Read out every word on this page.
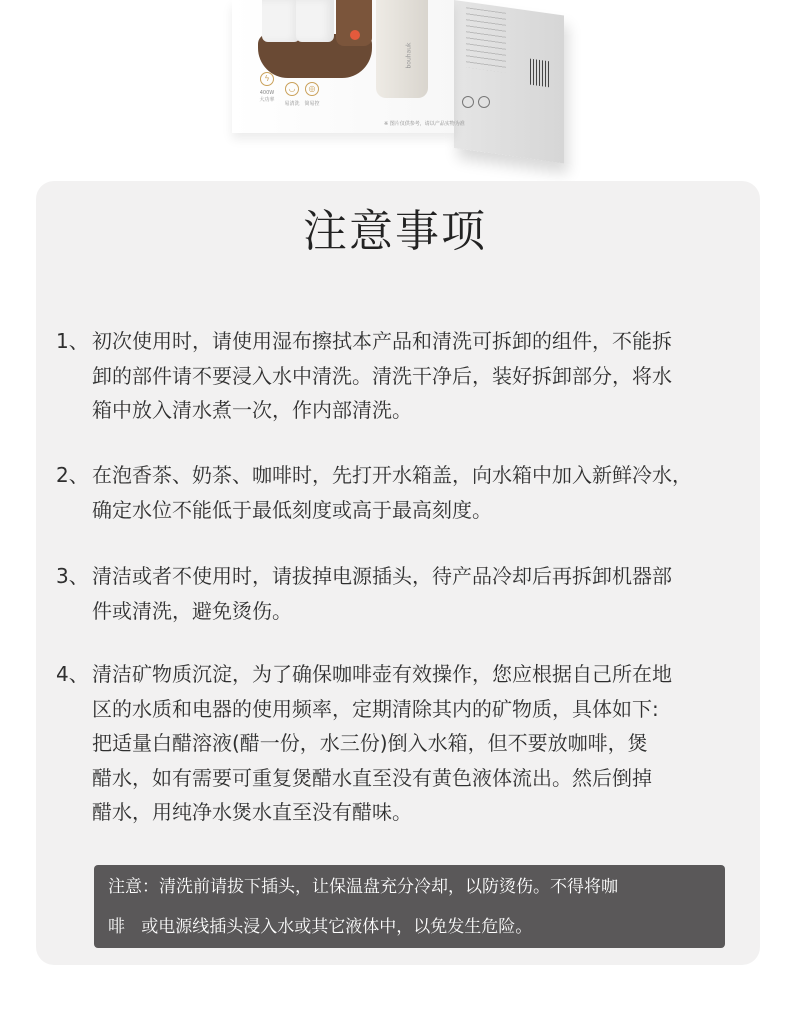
bouhauk
ϟ
400W
大功率
◡
易清洗
◎
简易控
※ 图片仅供参考，请以产品实物为准
注意事项
1、 初次使用时，请使用湿布擦拭本产品和清洗可拆卸的组件，不能拆
卸的部件请不要浸入水中清洗。清洗干净后，装好拆卸部分，将水
箱中放入清水煮一次，作内部清洗。
2、 在泡香茶、奶茶、咖啡时，先打开水箱盖，向水箱中加入新鲜冷水，
确定水位不能低于最低刻度或高于最高刻度。
3、 清洁或者不使用时，请拔掉电源插头，待产品冷却后再拆卸机器部
件或清洗，避免烫伤。
4、 清洁矿物质沉淀，为了确保咖啡壶有效操作，您应根据自己所在地
区的水质和电器的使用频率，定期清除其内的矿物质，具体如下:
把适量白醋溶液(醋一份，水三份)倒入水箱，但不要放咖啡，煲
醋水，如有需要可重复煲醋水直至没有黄色液体流出。然后倒掉
醋水，用纯净水煲水直至没有醋味。
注意：清洗前请拔下插头，让保温盘充分冷却，以防烫伤。不得将咖
啡   或电源线插头浸入水或其它液体中，以免发生危险。
